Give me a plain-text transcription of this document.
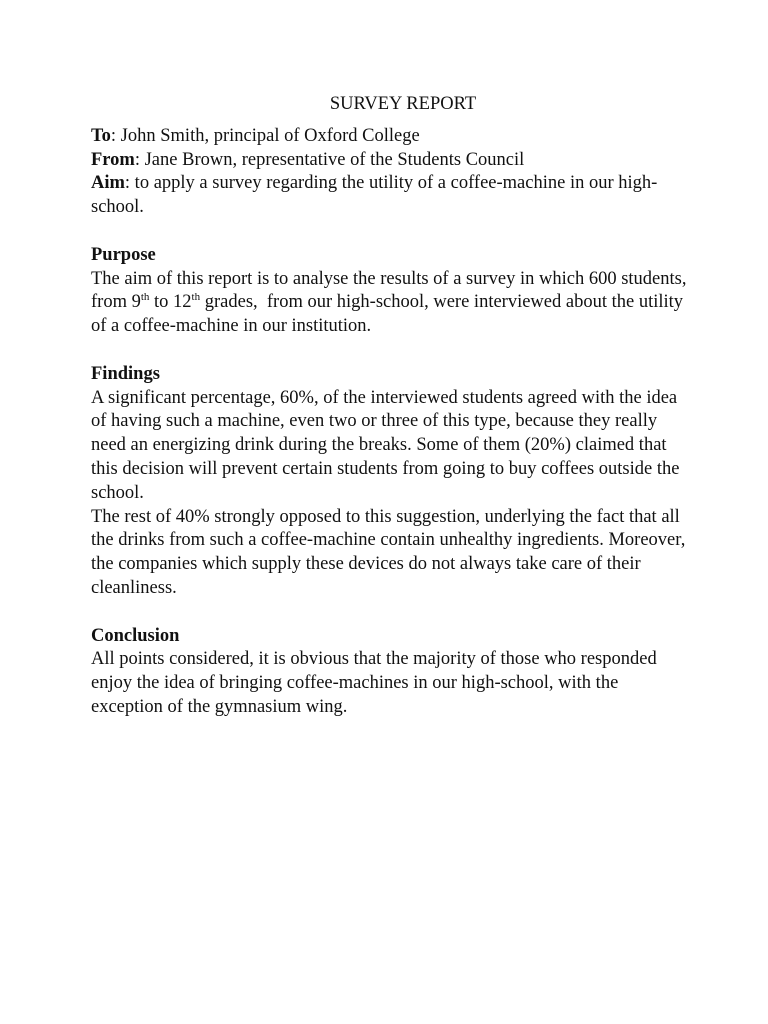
SURVEY REPORT

To: John Smith, principal of Oxford College

From: Jane Brown, representative of the Students Council

Aim: to apply a survey regarding the utility of a coffee-machine in our high-school.

Purpose

The aim of this report is to analyse the results of a survey in which 600 students, from 9th to 12th grades,  from our high-school, were interviewed about the utility of a coffee-machine in our institution.

Findings

A significant percentage, 60%, of the interviewed students agreed with the idea of having such a machine, even two or three of this type, because they really need an energizing drink during the breaks. Some of them (20%) claimed that this decision will prevent certain students from going to buy coffees outside the school.

The rest of 40% strongly opposed to this suggestion, underlying the fact that all the drinks from such a coffee-machine contain unhealthy ingredients. Moreover, the companies which supply these devices do not always take care of their cleanliness.

Conclusion

All points considered, it is obvious that the majority of those who responded enjoy the idea of bringing coffee-machines in our high-school, with the exception of the gymnasium wing.
